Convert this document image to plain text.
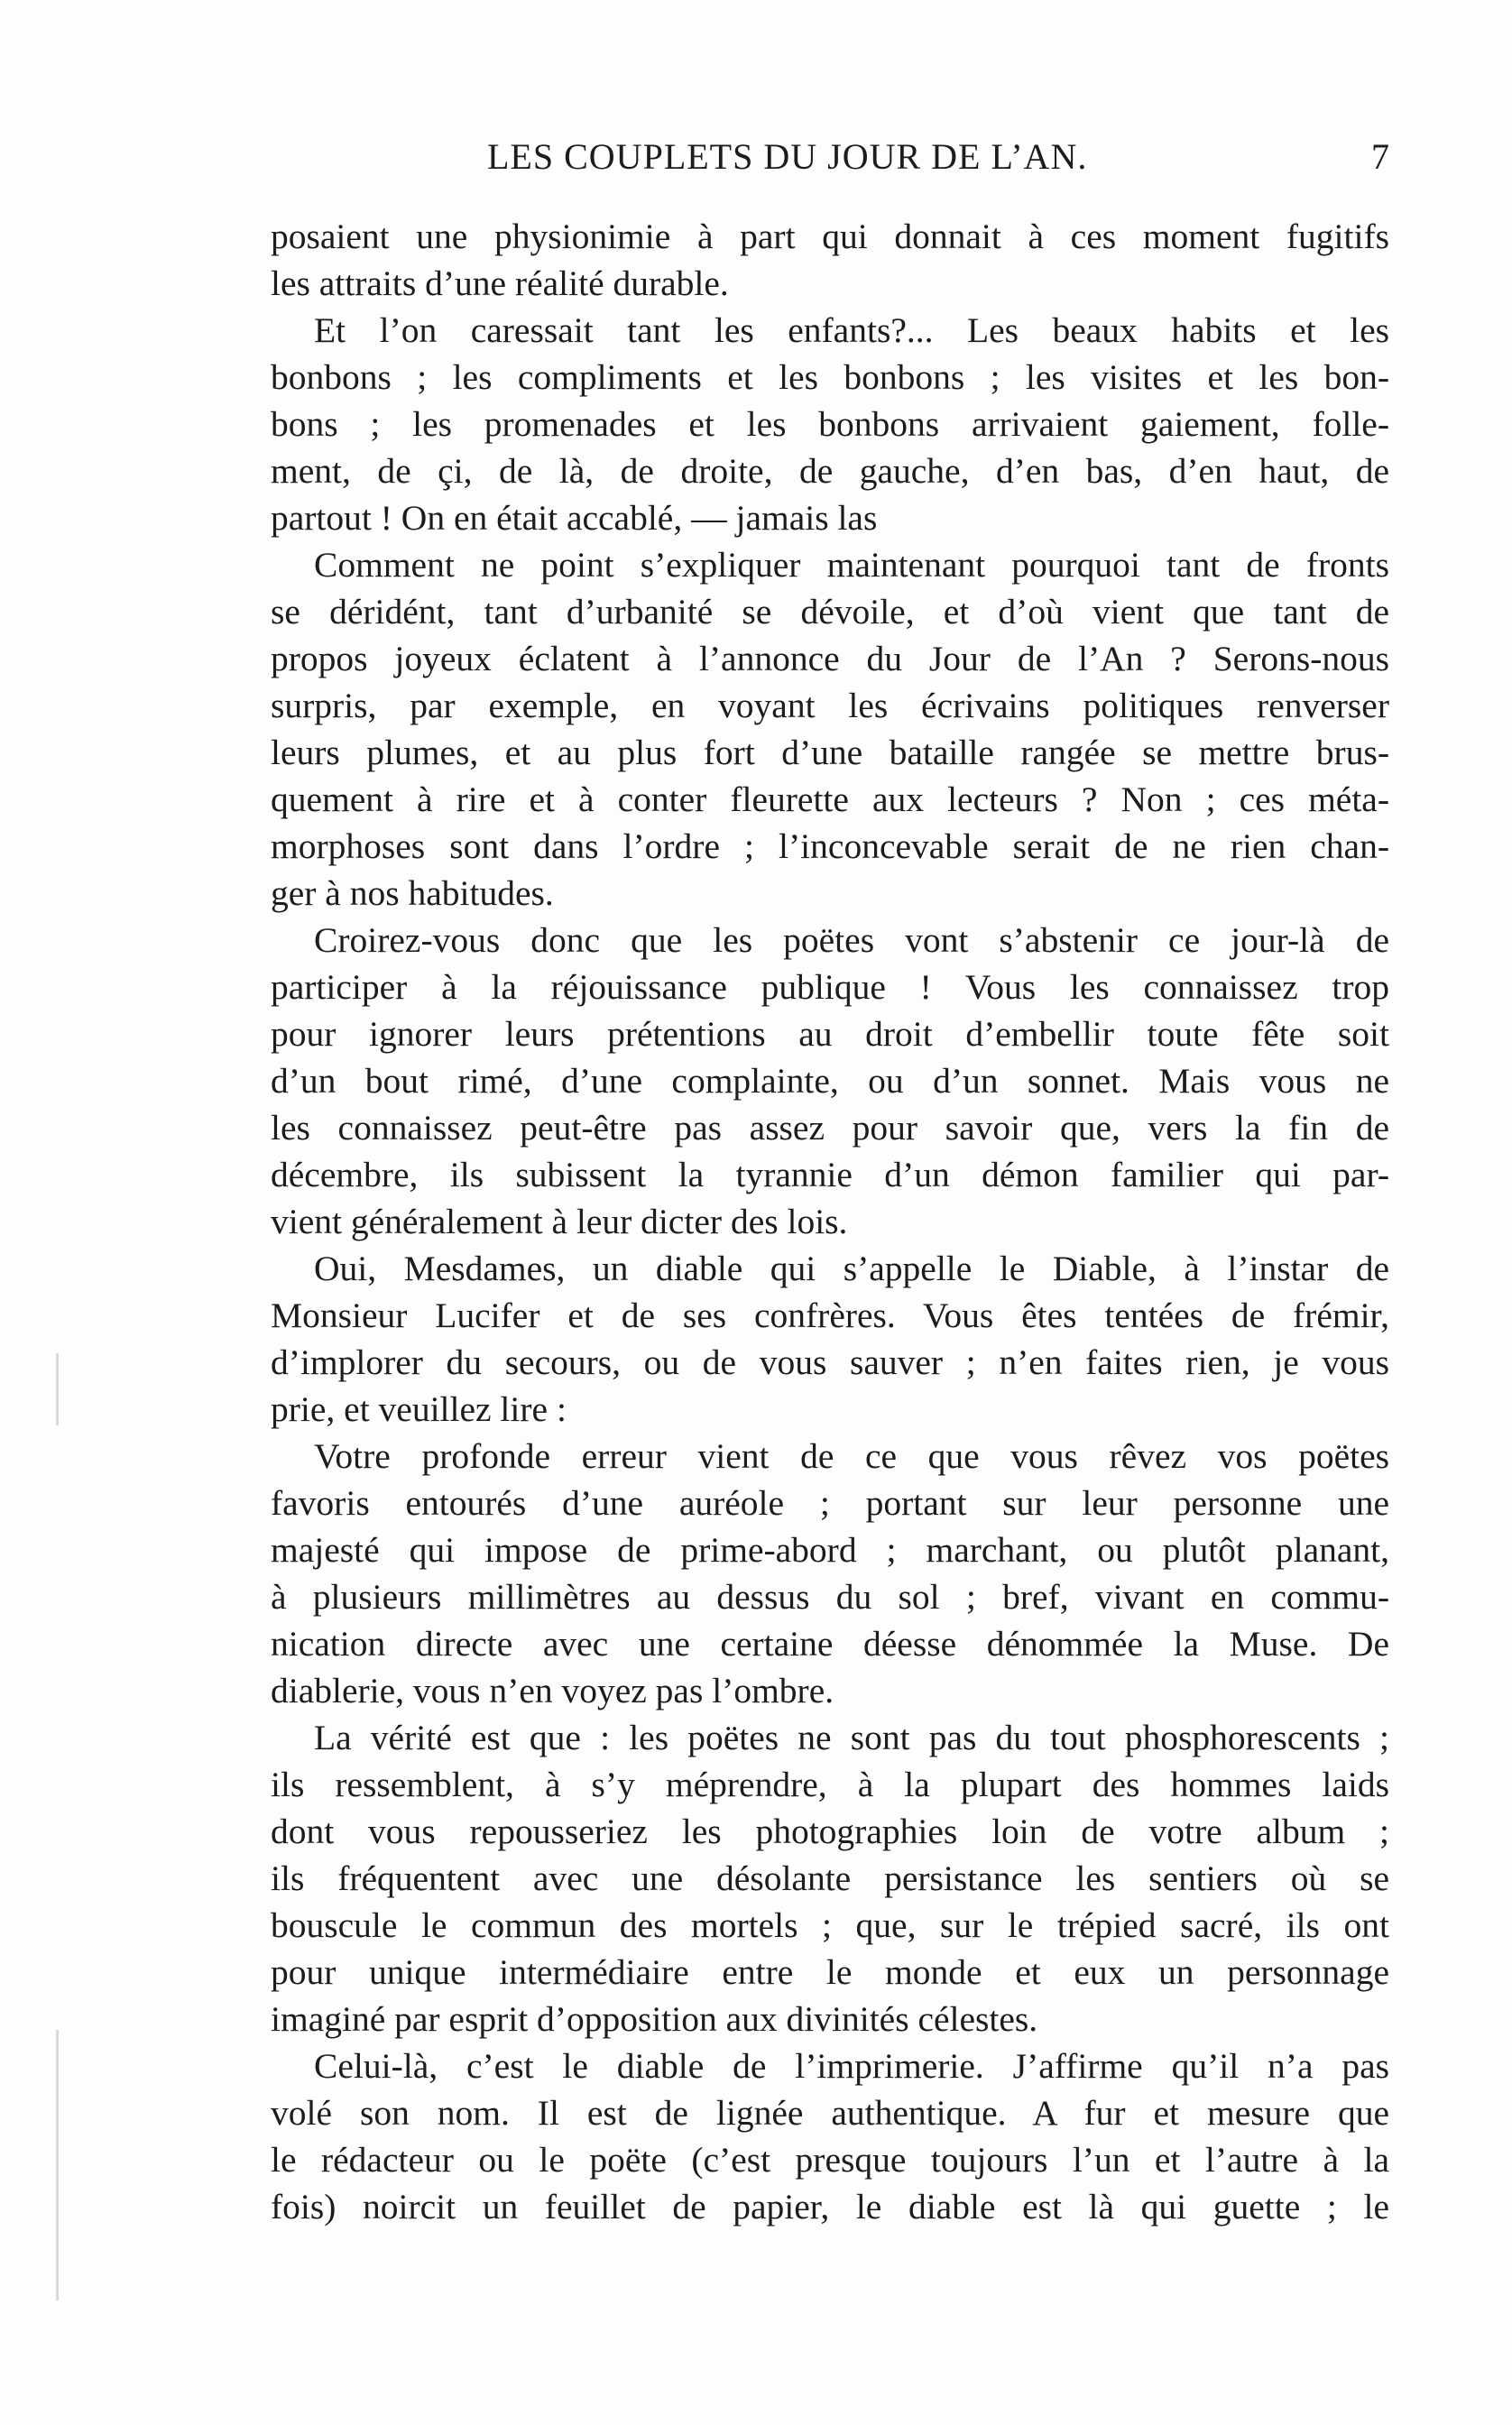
LES COUPLETS DU JOUR DE L’AN.	7
posaient une physionimie à part qui donnait à ces moment fugitifs
les attraits d’une réalité durable.
Et l’on caressait tant les enfants?... Les beaux habits et les
bonbons ; les compliments et les bonbons ; les visites et les bon-
bons ; les promenades et les bonbons arrivaient gaiement, folle-
ment, de çi, de là, de droite, de gauche, d’en bas, d’en haut, de
partout ! On en était accablé, — jamais las
Comment ne point s’expliquer maintenant pourquoi tant de fronts
se déridént, tant d’urbanité se dévoile, et d’où vient que tant de
propos joyeux éclatent à l’annonce du Jour de l’An ? Serons-nous
surpris, par exemple, en voyant les écrivains politiques renverser
leurs plumes, et au plus fort d’une bataille rangée se mettre brus-
quement à rire et à conter fleurette aux lecteurs ? Non ; ces méta-
morphoses sont dans l’ordre ; l’inconcevable serait de ne rien chan-
ger à nos habitudes.
Croirez-vous donc que les poëtes vont s’abstenir ce jour-là de
participer à la réjouissance publique ! Vous les connaissez trop
pour ignorer leurs prétentions au droit d’embellir toute fête soit
d’un bout rimé, d’une complainte, ou d’un sonnet. Mais vous ne
les connaissez peut-être pas assez pour savoir que, vers la fin de
décembre, ils subissent la tyrannie d’un démon familier qui par-
vient généralement à leur dicter des lois.
Oui, Mesdames, un diable qui s’appelle le Diable, à l’instar de
Monsieur Lucifer et de ses confrères. Vous êtes tentées de frémir,
d’implorer du secours, ou de vous sauver ; n’en faites rien, je vous
prie, et veuillez lire :
Votre profonde erreur vient de ce que vous rêvez vos poëtes
favoris entourés d’une auréole ; portant sur leur personne une
majesté qui impose de prime-abord ; marchant, ou plutôt planant,
à plusieurs millimètres au dessus du sol ; bref, vivant en commu-
nication directe avec une certaine déesse dénommée la Muse. De
diablerie, vous n’en voyez pas l’ombre.
La vérité est que : les poëtes ne sont pas du tout phosphorescents ;
ils ressemblent, à s’y méprendre, à la plupart des hommes laids
dont vous repousseriez les photographies loin de votre album ;
ils fréquentent avec une désolante persistance les sentiers où se
bouscule le commun des mortels ; que, sur le trépied sacré, ils ont
pour unique intermédiaire entre le monde et eux un personnage
imaginé par esprit d’opposition aux divinités célestes.
Celui-là, c’est le diable de l’imprimerie. J’affirme qu’il n’a pas
volé son nom. Il est de lignée authentique. A fur et mesure que
le rédacteur ou le poëte (c’est presque toujours l’un et l’autre à la
fois) noircit un feuillet de papier, le diable est là qui guette ; le
